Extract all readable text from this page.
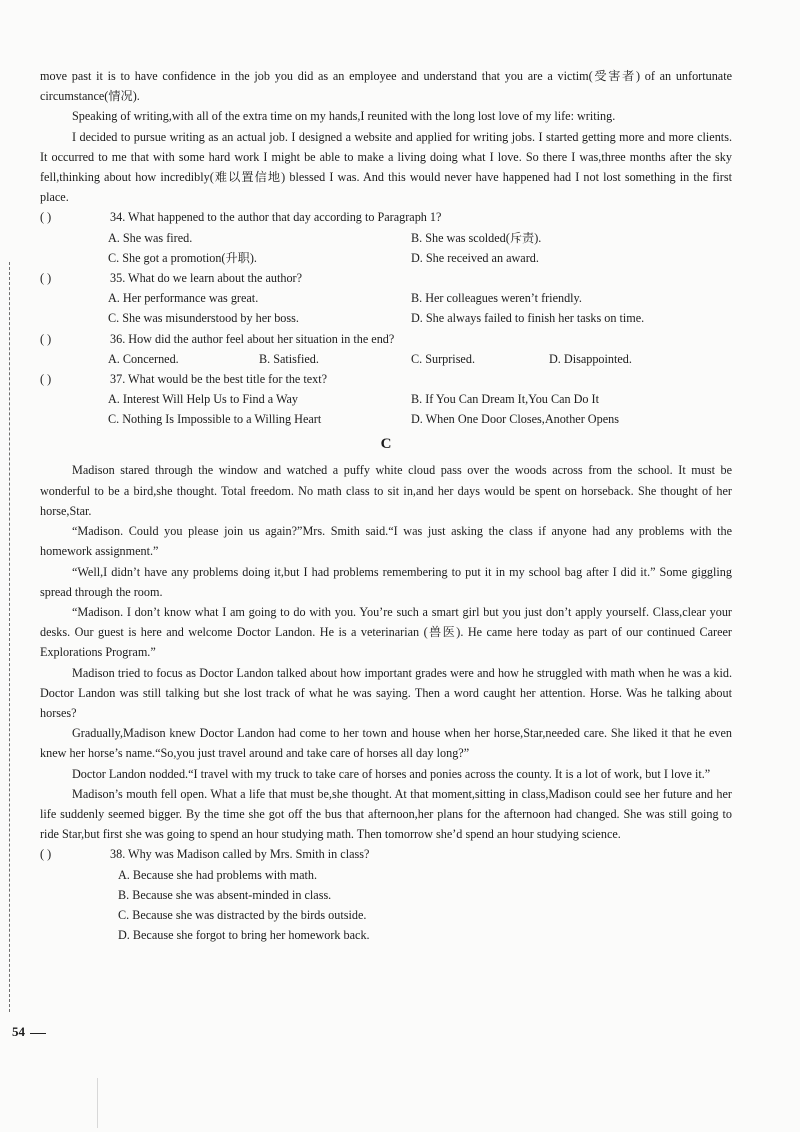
move past it is to have confidence in the job you did as an employee and understand that you are a victim(受害者) of an unfortunate circumstance(情况).

Speaking of writing,with all of the extra time on my hands,I reunited with the long lost love of my life: writing.

I decided to pursue writing as an actual job. I designed a website and applied for writing jobs. I started getting more and more clients. It occurred to me that with some hard work I might be able to make a living doing what I love. So there I was,three months after the sky fell,thinking about how incredibly(难以置信地) blessed I was. And this would never have happened had I not lost something in the first place.

( )	34. What happened to the author that day according to Paragraph 1?
A. She was fired.	B. She was scolded(斥责).
C. She got a promotion(升职).	D. She received an award.
( )	35. What do we learn about the author?
A. Her performance was great.	B. Her colleagues weren’t friendly.
C. She was misunderstood by her boss.	D. She always failed to finish her tasks on time.
( )	36. How did the author feel about her situation in the end?
A. Concerned.	B. Satisfied.	C. Surprised.	D. Disappointed.
( )	37. What would be the best title for the text?
A. Interest Will Help Us to Find a Way	B. If You Can Dream It,You Can Do It
C. Nothing Is Impossible to a Willing Heart	D. When One Door Closes,Another Opens
C

Madison stared through the window and watched a puffy white cloud pass over the woods across from the school. It must be wonderful to be a bird,she thought. Total freedom. No math class to sit in,and her days would be spent on horseback. She thought of her horse,Star.

“Madison. Could you please join us again?”Mrs. Smith said.“I was just asking the class if anyone had any problems with the homework assignment.”

“Well,I didn’t have any problems doing it,but I had problems remembering to put it in my school bag after I did it.” Some giggling spread through the room.

“Madison. I don’t know what I am going to do with you. You’re such a smart girl but you just don’t apply yourself. Class,clear your desks. Our guest is here and welcome Doctor Landon. He is a veterinarian (兽医). He came here today as part of our continued Career Explorations Program.”

Madison tried to focus as Doctor Landon talked about how important grades were and how he struggled with math when he was a kid. Doctor Landon was still talking but she lost track of what he was saying. Then a word caught her attention. Horse. Was he talking about horses?

Gradually,Madison knew Doctor Landon had come to her town and house when her horse,Star,needed care. She liked it that he even knew her horse’s name.“So,you just travel around and take care of horses all day long?”

Doctor Landon nodded.“I travel with my truck to take care of horses and ponies across the county. It is a lot of work, but I love it.”

Madison’s mouth fell open. What a life that must be,she thought. At that moment,sitting in class,Madison could see her future and her life suddenly seemed bigger. By the time she got off the bus that afternoon,her plans for the afternoon had changed. She was still going to ride Star,but first she was going to spend an hour studying math. Then tomorrow she’d spend an hour studying science.

( )	38. Why was Madison called by Mrs. Smith in class?
A. Because she had problems with math.
B. Because she was absent-minded in class.
C. Because she was distracted by the birds outside.
D. Because she forgot to bring her homework back.
54
